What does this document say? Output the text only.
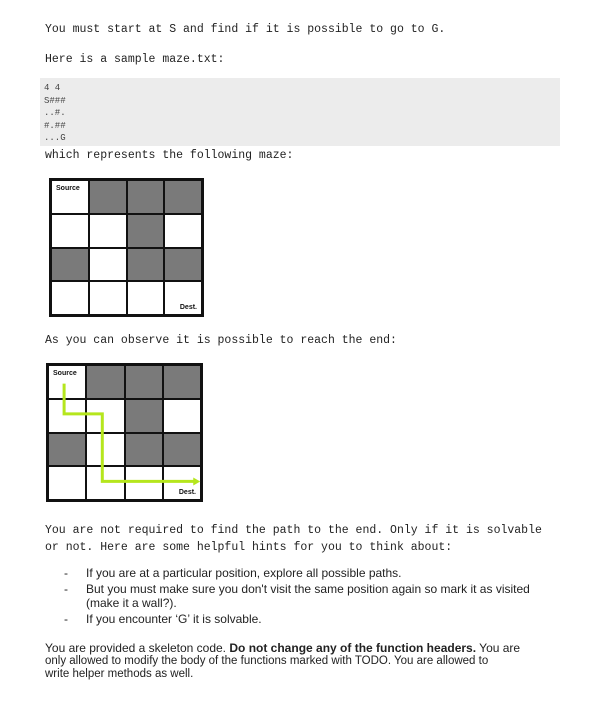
You must start at S and find if it is possible to go to G.
Here is a sample maze.txt:
4 4
S###
..#.
#.##
...G
which represents the following maze:
Source
Dest.
As you can observe it is possible to reach the end:
Source
Dest.
You are not required to find the path to the end. Only if it is solvable
or not. Here are some helpful hints for you to think about:
- If you are at a particular position, explore all possible paths.
- But you must make sure you don't visit the same position again so mark it as visited
(make it a wall?).
- If you encounter ‘G’ it is solvable.
You are provided a skeleton code. Do not change any of the function headers. You are
only allowed to modify the body of the functions marked with TODO. You are allowed to
write helper methods as well.
